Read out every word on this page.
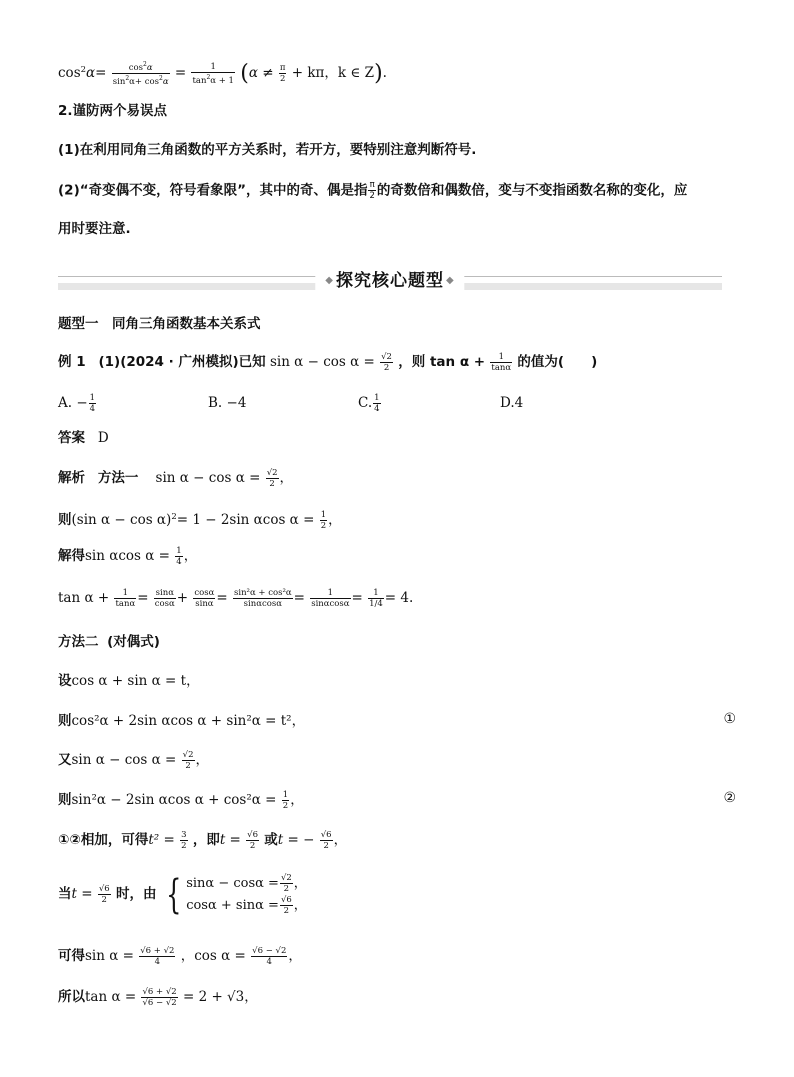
$\cos^2\alpha= \frac{\cos^2\alpha}{\sin^2\alpha+ \cos^2\alpha} = \frac{1}{\tan^2\alpha + 1} (\alpha \ne \frac{\pi}{2} + k\pi$，k ∈ Z).
2.谨防两个易误点
(1)在利用同角三角函数的平方关系时，若开方，要特别注意判断符号.
(2)“奇变偶不变，符号看象限”，其中的奇、偶是指 $\frac{\pi}{2}$ 的奇数倍和偶数倍，变与不变指函数名称的变化，应
用时要注意.
◆ 探究核心题型 ◆
题型一　同角三角函数基本关系式
例 1 (1)(2024 · 广州模拟)已知 $\sin \alpha - \cos \alpha = \frac{√2}{2}$ ，则 $\tan \alpha + \frac{1}{\tan\alpha}$ 的值为(　　)
A. − $\frac{1}{4}$	B. −4	C. $\frac{1}{4}$	D.4
答案 D
解析 方法一 $\sin \alpha - \cos \alpha = \frac{√2}{2}$ ，
则(sin α − cos α)$^2$= 1 − 2sin αcos $\alpha = \frac{1}{2}$ ，
解得sin αcos $\alpha = \frac{1}{4}$ ，
$\tan \alpha + \frac{1}{\tan\alpha} = \frac{\sin\alpha}{\cos\alpha} + \frac{\cos\alpha}{\sin\alpha} = \frac{\text{sin²α + cos²α}}{\sin\alpha\cos\alpha} = \frac{1}{\sin\alpha\cos\alpha} = \frac{1}{1/4} = 4$.
方法二 (对偶式)
设cos α + sin α = t，
则cos²α + 2sin αcos α + sin²α = t²，	①
又$\sin \alpha - \cos \alpha = \frac{√2}{2}$ ，
则sin²α − 2sin αcos $\alpha + \cos^2\alpha = \frac{1}{2}$ ，	②
①②相加，可得$t^2 = \frac{3}{2}$ ，即$t = \frac{√6}{2}$ 或t = − $\frac{√6}{2}$ ，
当$t = \frac{√6}{2}$ 时，由 { $\sin\alpha - \cos\alpha = \frac{√2}{2}$ ，
$\cos\alpha + \sin\alpha = \frac{√6}{2}$ ，
可得$\sin \alpha = \frac{√6 + √2}{4}$ ，$\cos \alpha = \frac{√6 - √2}{4}$ ，
所以$\tan \alpha = \frac{√6 + √2}{√6 - √2} = 2 + √3$，
